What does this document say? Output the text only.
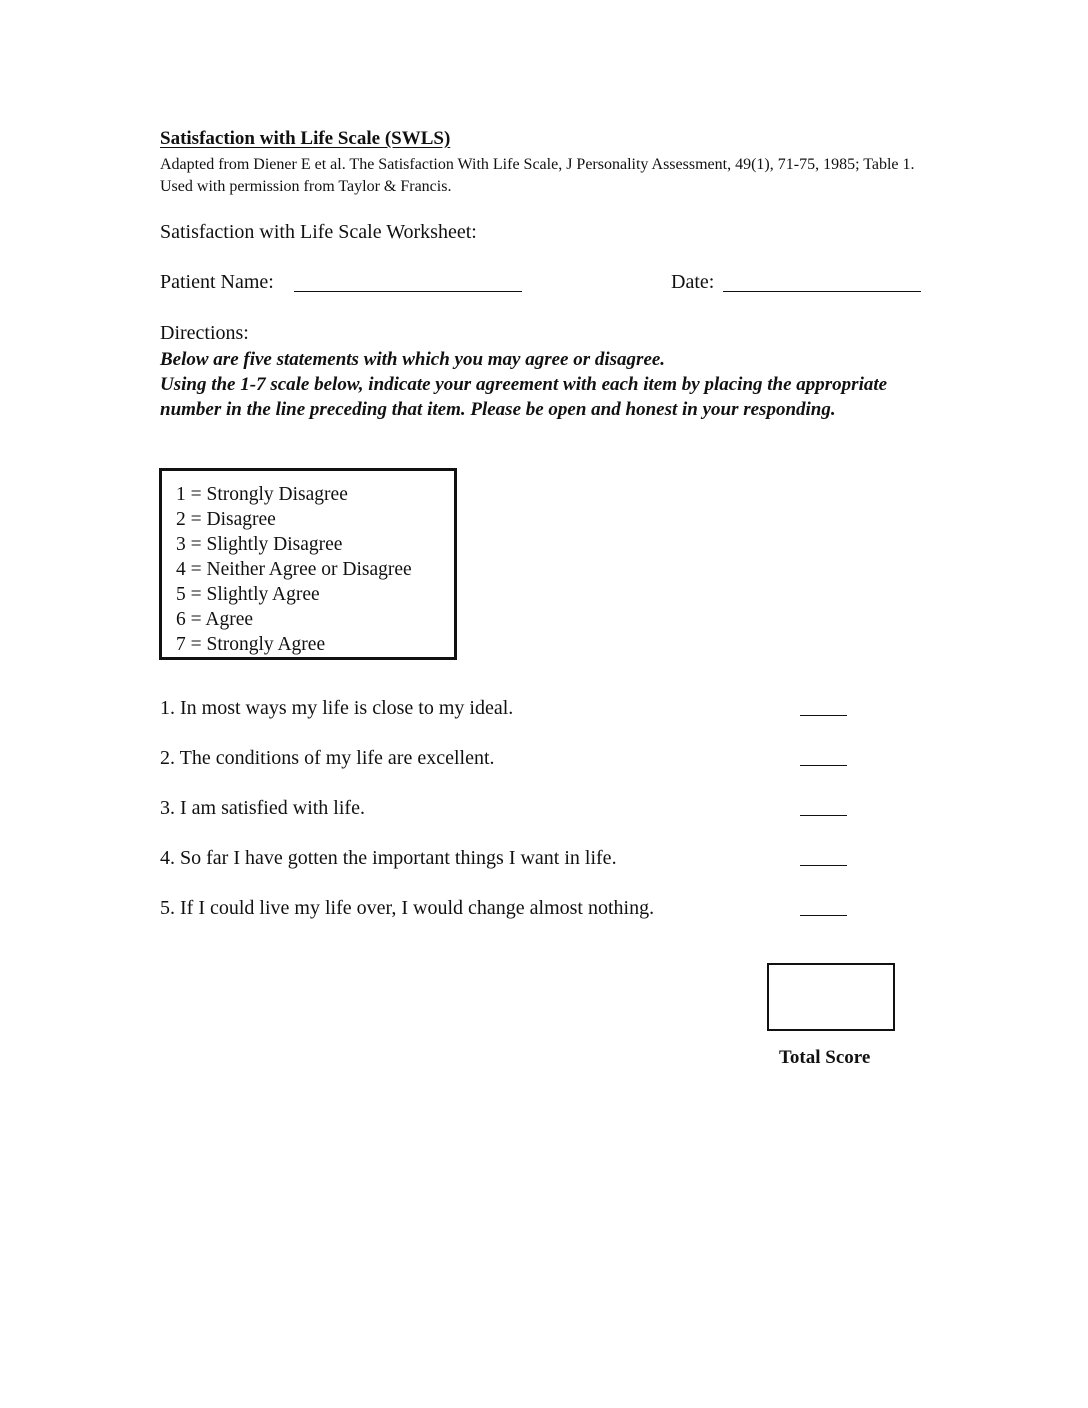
Satisfaction with Life Scale (SWLS)
Adapted from Diener E et al. The Satisfaction With Life Scale, J Personality Assessment, 49(1), 71-75, 1985; Table 1. Used with permission from Taylor & Francis.
Satisfaction with Life Scale Worksheet:
Patient Name:	Date:
Directions:

Below are five statements with which you may agree or disagree.

Using the 1-7 scale below, indicate your agreement with each item by placing the appropriate number in the line preceding that item. Please be open and honest in your responding.

1 = Strongly Disagree
2 = Disagree
3 = Slightly Disagree
4 = Neither Agree or Disagree
5 = Slightly Agree
6 = Agree
7 = Strongly Agree
1. In most ways my life is close to my ideal.
2. The conditions of my life are excellent.
3. I am satisfied with life.
4. So far I have gotten the important things I want in life.
5. If I could live my life over, I would change almost nothing.
Total Score
